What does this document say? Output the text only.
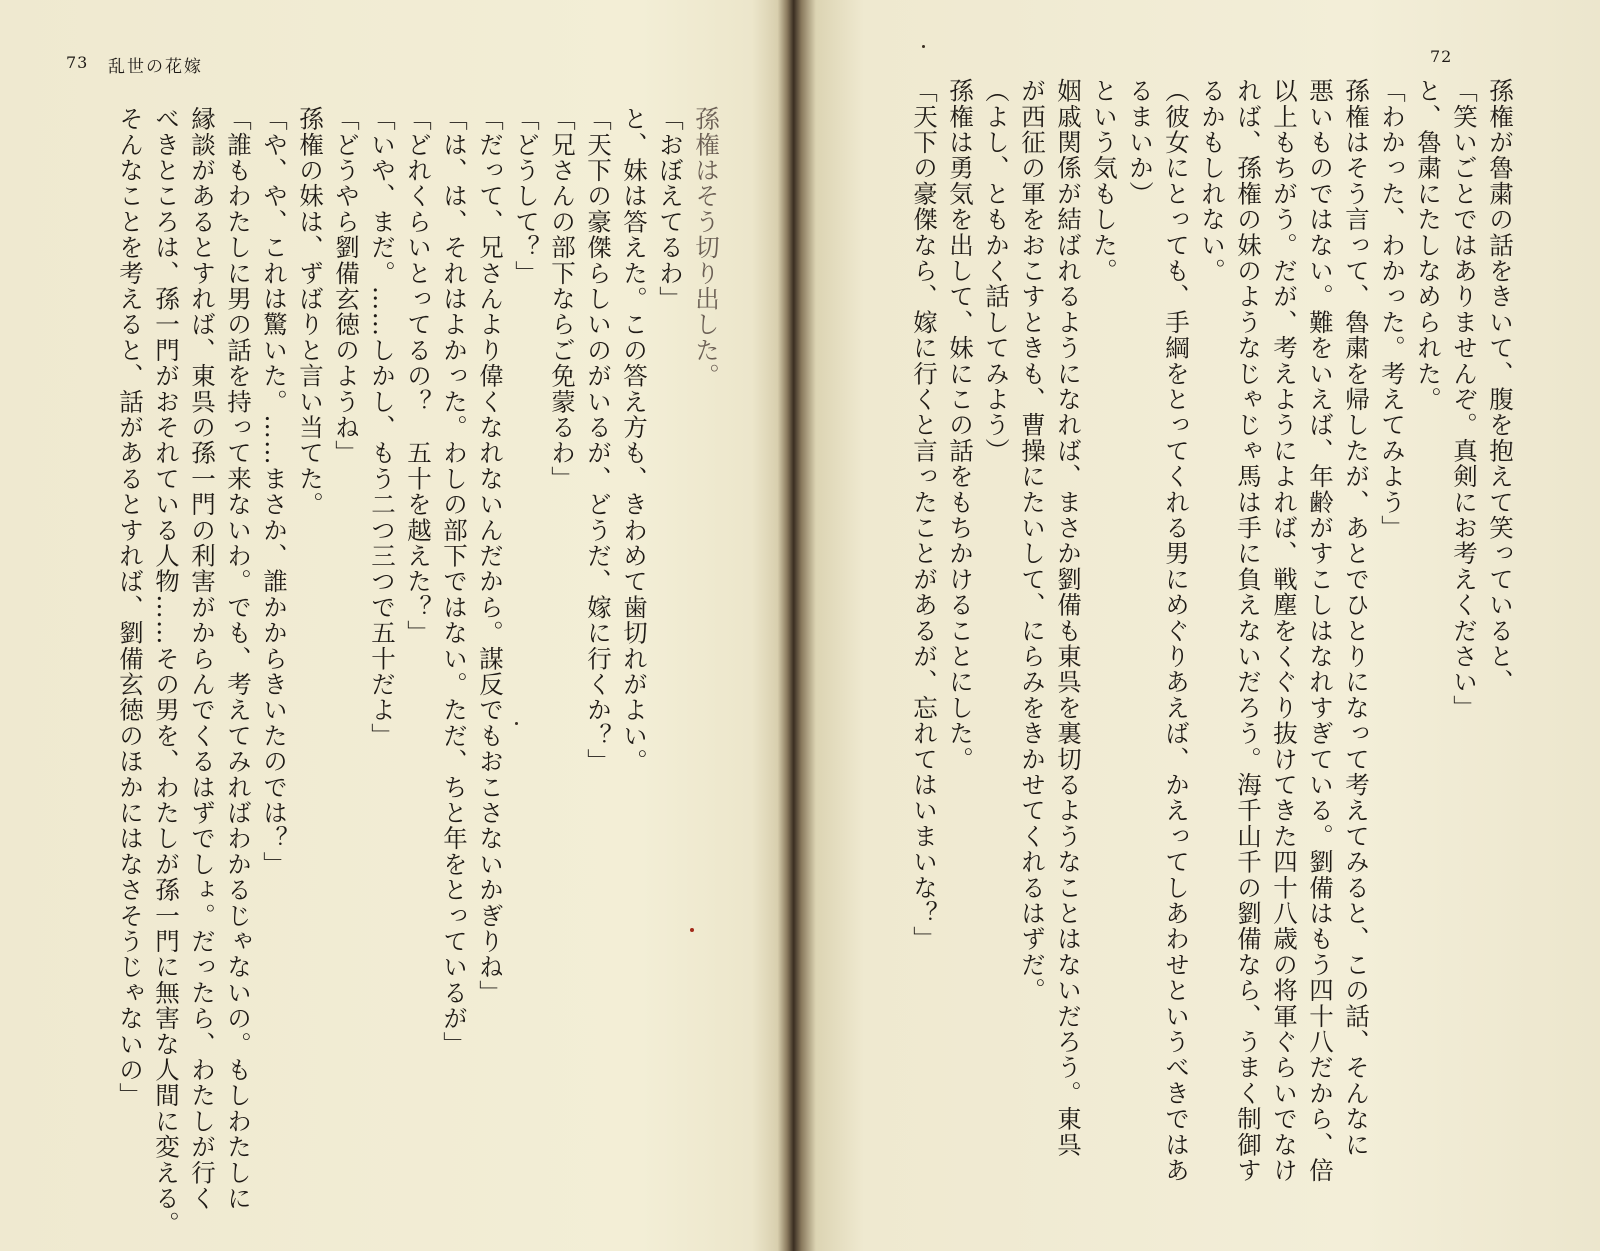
73 乱世の花嫁
孫権はそう切り出した。
「おぼえてるわ」
と、妹は答えた。この答え方も、きわめて歯切れがよい。
「天下の豪傑らしいのがいるが、どうだ、嫁に行くか？」
「兄さんの部下ならご免蒙るわ」
「どうして？」
「だって、兄さんより偉くなれないんだから。謀反でもおこさないかぎりね」
「は、は、それはよかった。わしの部下ではない。ただ、ちと年をとっているが」
「どれくらいとってるの？　五十を越えた？」
「いや、まだ。……しかし、もう二つ三つで五十だよ」
「どうやら劉備玄徳のようね」
孫権の妹は、ずばりと言い当てた。
「や、や、これは驚いた。……まさか、誰かからきいたのでは？」
「誰もわたしに男の話を持って来ないわ。でも、考えてみればわかるじゃないの。もしわたしに
縁談があるとすれば、東呉の孫一門の利害がからんでくるはずでしょ。だったら、わたしが行く
べきところは、孫一門がおそれている人物……その男を、わたしが孫一門に無害な人間に変える。
そんなことを考えると、話があるとすれば、劉備玄徳のほかにはなさそうじゃないの」
72
孫権が魯粛の話をきいて、腹を抱えて笑っていると、
「笑いごとではありませんぞ。真剣にお考えください」
と、魯粛にたしなめられた。
「わかった、わかった。考えてみよう」
孫権はそう言って、魯粛を帰したが、あとでひとりになって考えてみると、この話、そんなに
悪いものではない。難をいえば、年齢がすこしはなれすぎている。劉備はもう四十八だから、倍
以上もちがう。だが、考えようによれば、戦塵をくぐり抜けてきた四十八歳の将軍ぐらいでなけ
れば、孫権の妹のようなじゃじゃ馬は手に負えないだろう。海千山千の劉備なら、うまく制御す
るかもしれない。
（彼女にとっても、手綱をとってくれる男にめぐりあえば、かえってしあわせというべきではあ
るまいか）
という気もした。
姻戚関係が結ばれるようになれば、まさか劉備も東呉を裏切るようなことはないだろう。東呉
が西征の軍をおこすときも、曹操にたいして、にらみをきかせてくれるはずだ。
（よし、ともかく話してみよう）
孫権は勇気を出して、妹にこの話をもちかけることにした。
「天下の豪傑なら、嫁に行くと言ったことがあるが、忘れてはいまいな？」
